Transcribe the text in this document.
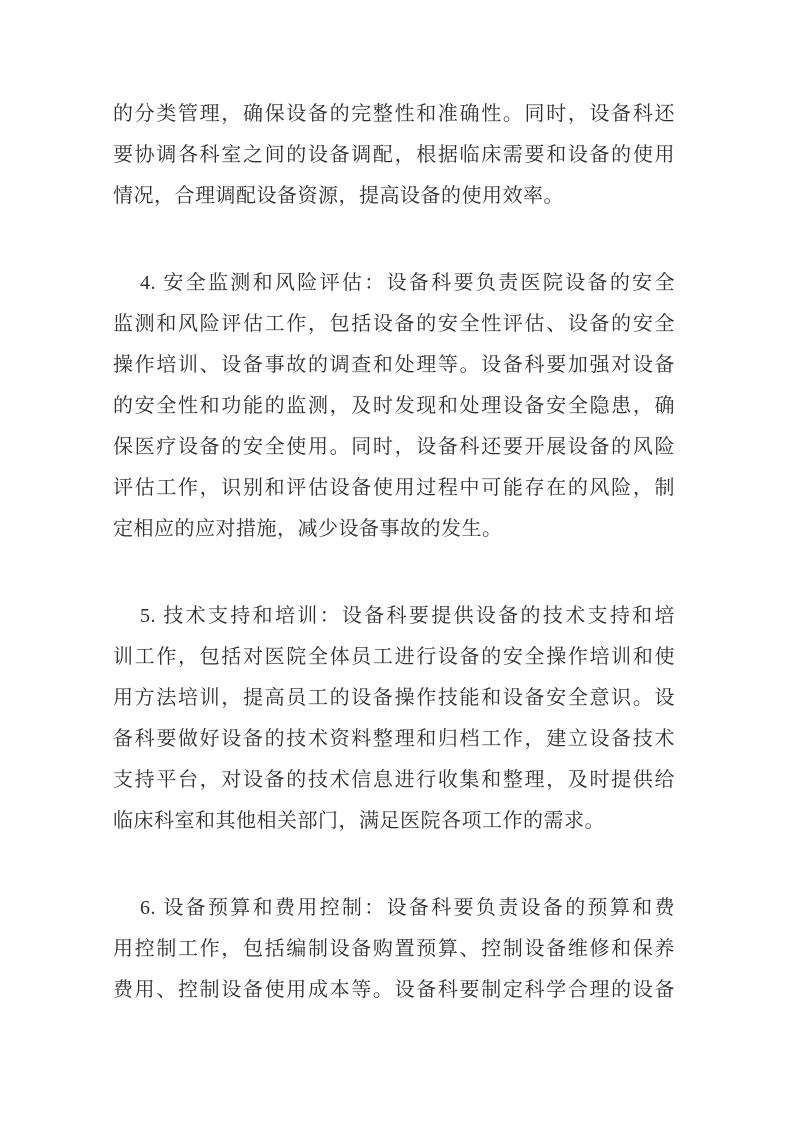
的分类管理，确保设备的完整性和准确性。同时，设备科还
要协调各科室之间的设备调配，根据临床需要和设备的使用
情况，合理调配设备资源，提高设备的使用效率。
4. 安全监测和风险评估：设备科要负责医院设备的安全
监测和风险评估工作，包括设备的安全性评估、设备的安全
操作培训、设备事故的调查和处理等。设备科要加强对设备
的安全性和功能的监测，及时发现和处理设备安全隐患，确
保医疗设备的安全使用。同时，设备科还要开展设备的风险
评估工作，识别和评估设备使用过程中可能存在的风险，制
定相应的应对措施，减少设备事故的发生。
5. 技术支持和培训：设备科要提供设备的技术支持和培
训工作，包括对医院全体员工进行设备的安全操作培训和使
用方法培训，提高员工的设备操作技能和设备安全意识。设
备科要做好设备的技术资料整理和归档工作，建立设备技术
支持平台，对设备的技术信息进行收集和整理，及时提供给
临床科室和其他相关部门，满足医院各项工作的需求。
6. 设备预算和费用控制：设备科要负责设备的预算和费
用控制工作，包括编制设备购置预算、控制设备维修和保养
费用、控制设备使用成本等。设备科要制定科学合理的设备
